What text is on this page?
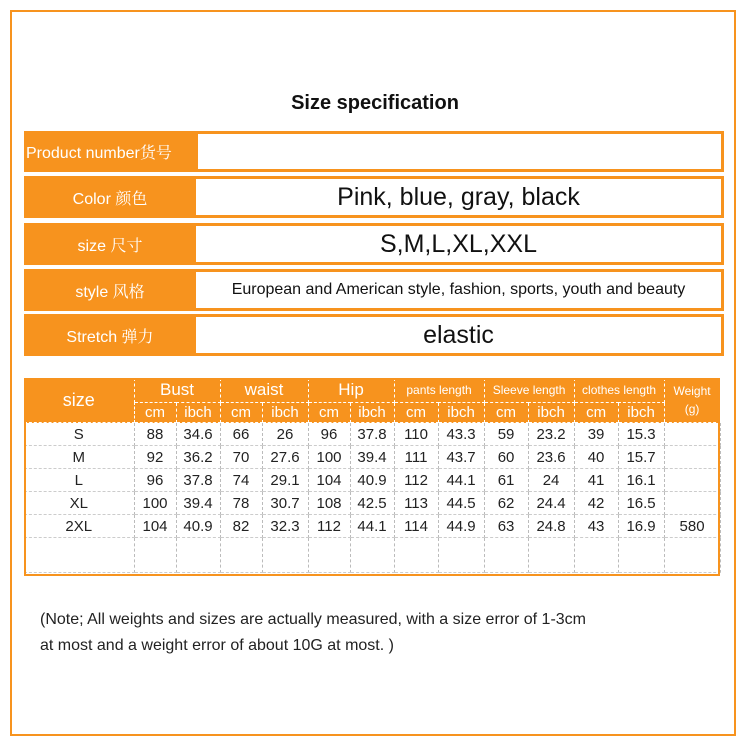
Size specification
Product number货号
Color 颜色	Pink, blue, gray, black
size 尺寸	S,M,L,XL,XXL
style 风格	European and American style, fashion, sports, youth and beauty
Stretch 弹力	elastic
size	Bust		waist		Hip		pants length		Sleeve length		clothes length		Weight (g)
	cm	ibch	cm	ibch	cm	ibch	cm	ibch	cm	ibch	cm	ibch	
S	88	34.6	66	26	96	37.8	110	43.3	59	23.2	39	15.3	
M	92	36.2	70	27.6	100	39.4	111	43.7	60	23.6	40	15.7	
L	96	37.8	74	29.1	104	40.9	112	44.1	61	24	41	16.1	
XL	100	39.4	78	30.7	108	42.5	113	44.5	62	24.4	42	16.5	
2XL	104	40.9	82	32.3	112	44.1	114	44.9	63	24.8	43	16.9	580

(Note; All weights and sizes are actually measured, with a size error of 1-3cm
at most and a weight error of about 10G at most. )
